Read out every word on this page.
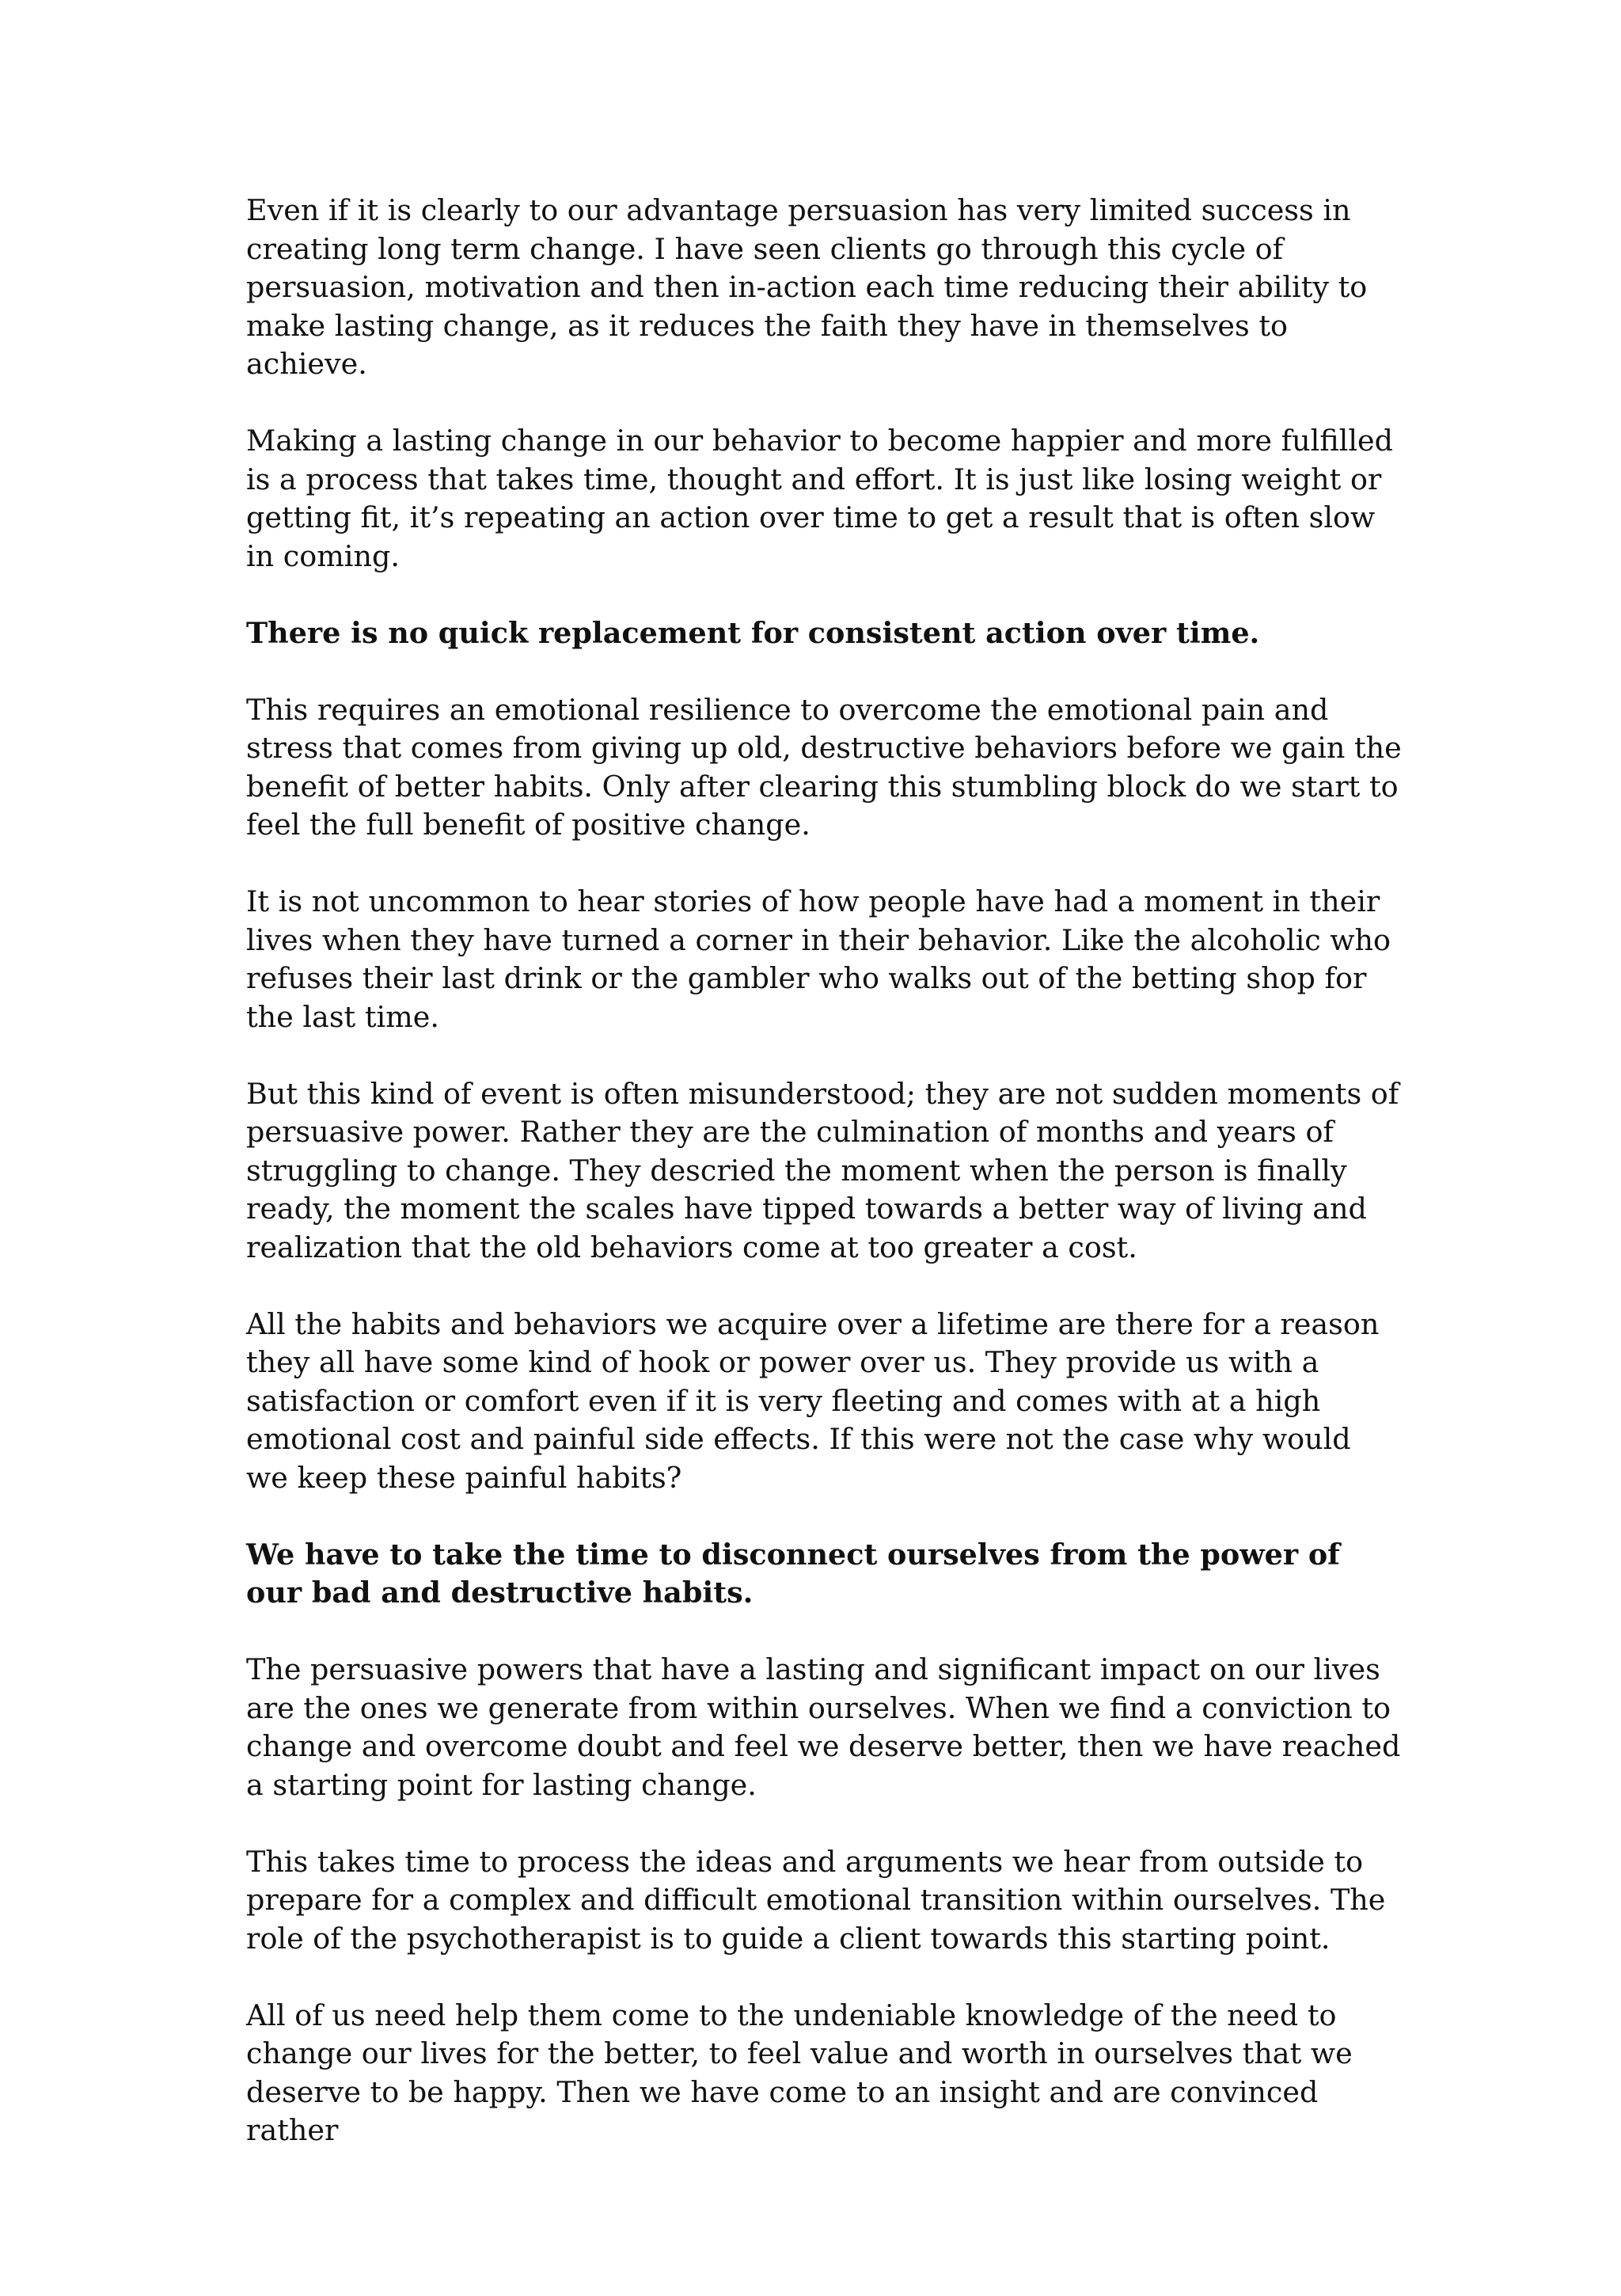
Even if it is clearly to our advantage persuasion has very limited success in creating long term change. I have seen clients go through this cycle of persuasion, motivation and then in-action each time reducing their ability to make lasting change, as it reduces the faith they have in themselves to achieve.

Making a lasting change in our behavior to become happier and more fulfilled is a process that takes time, thought and effort. It is just like losing weight or getting fit, it’s repeating an action over time to get a result that is often slow in coming.

There is no quick replacement for consistent action over time.

This requires an emotional resilience to overcome the emotional pain and stress that comes from giving up old, destructive behaviors before we gain the benefit of better habits. Only after clearing this stumbling block do we start to feel the full benefit of positive change.

It is not uncommon to hear stories of how people have had a moment in their lives when they have turned a corner in their behavior. Like the alcoholic who refuses their last drink or the gambler who walks out of the betting shop for the last time.

But this kind of event is often misunderstood; they are not sudden moments of persuasive power. Rather they are the culmination of months and years of struggling to change. They descried the moment when the person is finally ready, the moment the scales have tipped towards a better way of living and realization that the old behaviors come at too greater a cost.

All the habits and behaviors we acquire over a lifetime are there for a reason they all have some kind of hook or power over us. They provide us with a satisfaction or comfort even if it is very fleeting and comes with at a high emotional cost and painful side effects. If this were not the case why would we keep these painful habits?

We have to take the time to disconnect ourselves from the power of our bad and destructive habits.

The persuasive powers that have a lasting and significant impact on our lives are the ones we generate from within ourselves. When we find a conviction to change and overcome doubt and feel we deserve better, then we have reached a starting point for lasting change.

This takes time to process the ideas and arguments we hear from outside to prepare for a complex and difficult emotional transition within ourselves. The role of the psychotherapist is to guide a client towards this starting point.

All of us need help them come to the undeniable knowledge of the need to change our lives for the better, to feel value and worth in ourselves that we deserve to be happy. Then we have come to an insight and are convinced rather
